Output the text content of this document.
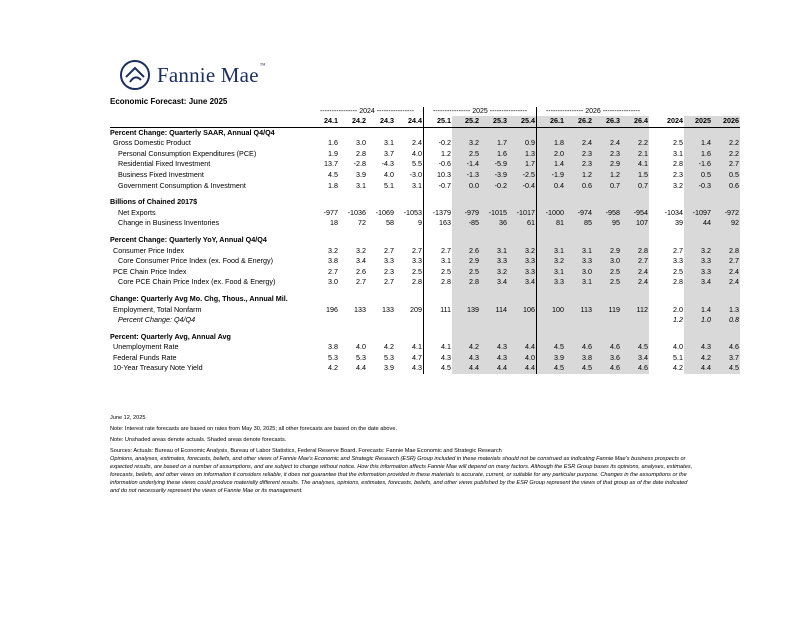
Fannie Mae™
Economic Forecast: June 2025
	---------------- 2024 ----------------				---------------- 2025 ----------------				---------------- 2026 ----------------							
	24.1	24.2	24.3	24.4	25.1	25.2	25.3	25.4	26.1	26.2	26.3	26.4		2024	2025	2026
Percent Change: Quarterly SAAR, Annual Q4/Q4																
Gross Domestic Product	1.6	3.0	3.1	2.4	-0.2	3.2	1.7	0.9	1.8	2.4	2.4	2.2		2.5	1.4	2.2
Personal Consumption Expenditures (PCE)	1.9	2.8	3.7	4.0	1.2	2.5	1.6	1.3	2.0	2.3	2.3	2.1		3.1	1.6	2.2
Residential Fixed Investment	13.7	-2.8	-4.3	5.5	-0.6	-1.4	-5.9	1.7	1.4	2.3	2.9	4.1		2.8	-1.6	2.7
Business Fixed Investment	4.5	3.9	4.0	-3.0	10.3	-1.3	-3.9	-2.5	-1.9	1.2	1.2	1.5		2.3	0.5	0.5
Government Consumption & Investment	1.8	3.1	5.1	3.1	-0.7	0.0	-0.2	-0.4	0.4	0.6	0.7	0.7		3.2	-0.3	0.6

Billions of Chained 2017$																
Net Exports	-977	-1036	-1069	-1053	-1379	-979	-1015	-1017	-1000	-974	-958	-954		-1034	-1097	-972
Change in Business Inventories	18	72	58	9	163	-85	36	61	81	85	95	107		39	44	92

Percent Change: Quarterly YoY, Annual Q4/Q4																
Consumer Price Index	3.2	3.2	2.7	2.7	2.7	2.6	3.1	3.2	3.1	3.1	2.9	2.8		2.7	3.2	2.8
Core Consumer Price Index (ex. Food & Energy)	3.8	3.4	3.3	3.3	3.1	2.9	3.3	3.3	3.2	3.3	3.0	2.7		3.3	3.3	2.7
PCE Chain Price Index	2.7	2.6	2.3	2.5	2.5	2.5	3.2	3.3	3.1	3.0	2.5	2.4		2.5	3.3	2.4
Core PCE Chain Price Index (ex. Food & Energy)	3.0	2.7	2.7	2.8	2.8	2.8	3.4	3.4	3.3	3.1	2.5	2.4		2.8	3.4	2.4

Change: Quarterly Avg Mo. Chg, Thous., Annual Mil.																
Employment, Total Nonfarm	196	133	133	209	111	139	114	106	100	113	119	112		2.0	1.4	1.3
Percent Change: Q4/Q4														1.2	1.0	0.8

Percent: Quarterly Avg, Annual Avg																
Unemployment Rate	3.8	4.0	4.2	4.1	4.1	4.2	4.3	4.4	4.5	4.6	4.6	4.5		4.0	4.3	4.6
Federal Funds Rate	5.3	5.3	5.3	4.7	4.3	4.3	4.3	4.0	3.9	3.8	3.6	3.4		5.1	4.2	3.7
10-Year Treasury Note Yield	4.2	4.4	3.9	4.3	4.5	4.4	4.4	4.4	4.5	4.5	4.6	4.6		4.2	4.4	4.5

June 12, 2025

Note: Interest rate forecasts are based on rates from May 30, 2025; all other forecasts are based on the date above.

Note: Unshaded areas denote actuals. Shaded areas denote forecasts.

Sources: Actuals: Bureau of Economic Analysis, Bureau of Labor Statistics, Federal Reserve Board. Forecasts: Fannie Mae Economic and Strategic Research

Opinions, analyses, estimates, forecasts, beliefs, and other views of Fannie Mae's Economic and Strategic Research (ESR) Group included in these materials should not be construed as indicating Fannie Mae's business prospects or expected results, are based on a number of assumptions, and are subject to change without notice. How this information affects Fannie Mae will depend on many factors. Although the ESR Group bases its opinions, analyses, estimates, forecasts, beliefs, and other views on information it considers reliable, it does not guarantee that the information provided in these materials is accurate, current, or suitable for any particular purpose. Changes in the assumptions or the information underlying these views could produce materially different results. The analyses, opinions, estimates, forecasts, beliefs, and other views published by the ESR Group represent the views of that group as of the date indicated and do not necessarily represent the views of Fannie Mae or its management.
